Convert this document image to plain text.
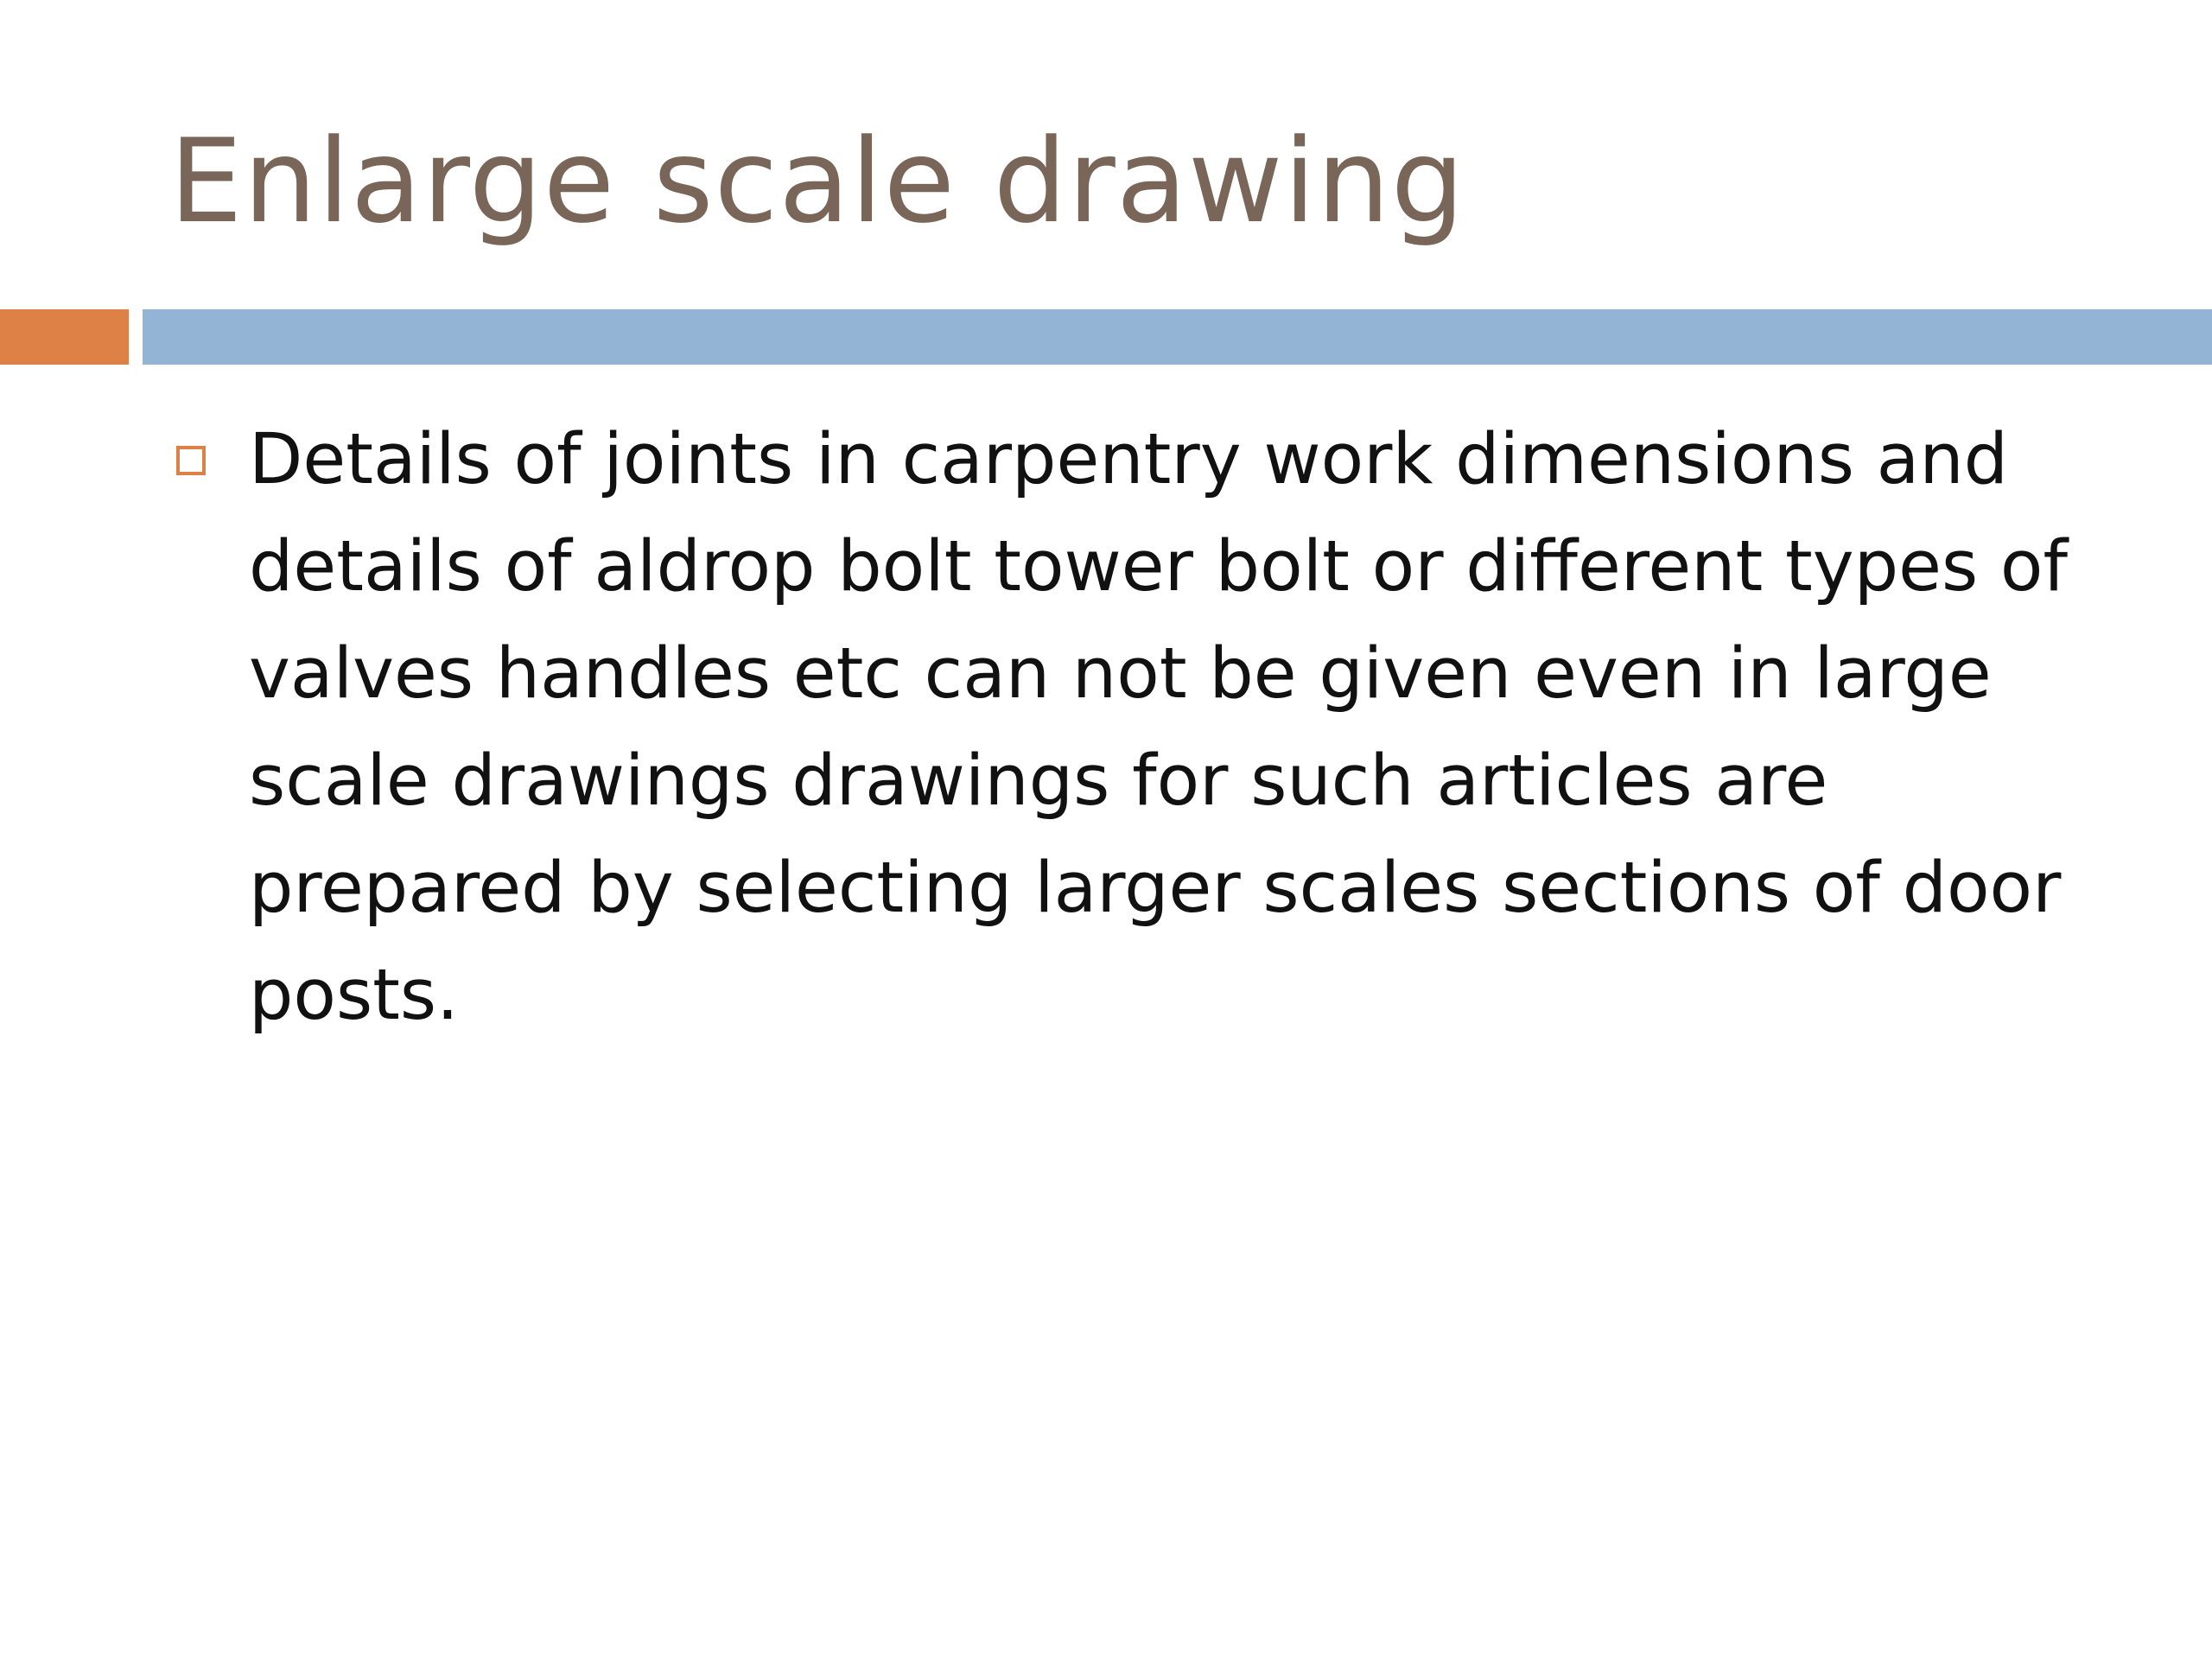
Enlarge scale drawing
Details of joints in carpentry work dimensions and details of aldrop bolt tower bolt or different types of valves handles etc can not be given even in large scale drawings drawings for such articles are prepared by selecting larger scales sections of door posts.
